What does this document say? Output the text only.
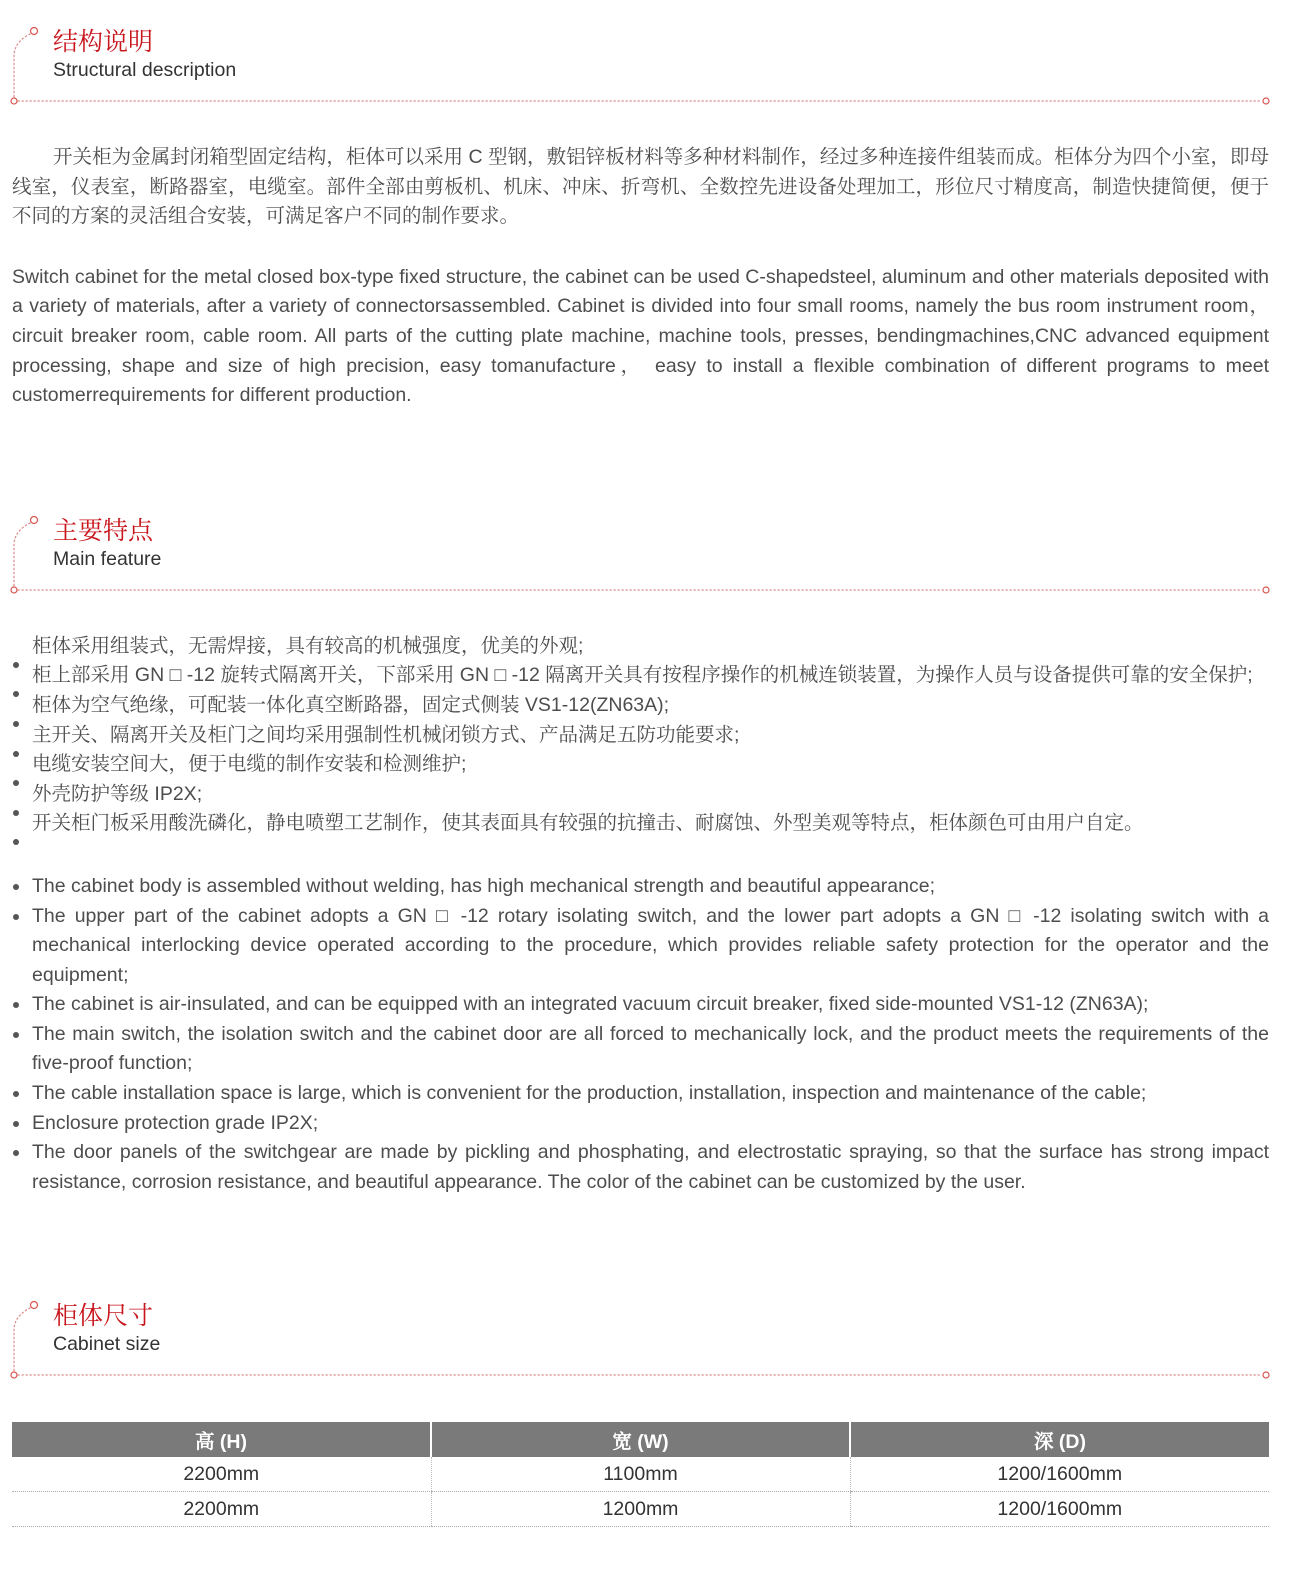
结构说明
Structural description

开关柜为金属封闭箱型固定结构，柜体可以采用 C 型钢，敷铝锌板材料等多种材料制作，经过多种连接件组装而成。柜体分为四个小室，即母线室，仪表室，断路器室，电缆室。部件全部由剪板机、机床、冲床、折弯机、全数控先进设备处理加工，形位尺寸精度高，制造快捷简便，便于不同的方案的灵活组合安装，可满足客户不同的制作要求。

Switch cabinet for the metal closed box-type fixed structure, the cabinet can be used C-shapedsteel, aluminum and other materials deposited with a variety of materials, after a variety of connectorsassembled. Cabinet is divided into four small rooms, namely the bus room instrument room，circuit breaker room, cable room. All parts of the cutting plate machine, machine tools, presses, bendingmachines,CNC advanced equipment processing, shape and size of high precision, easy tomanufacture， easy to install a flexible combination of different programs to meet customerrequirements for different production.

主要特点
Main feature
柜体采用组装式，无需焊接，具有较高的机械强度，优美的外观;
柜上部采用 GN □ -12 旋转式隔离开关，下部采用 GN □ -12 隔离开关具有按程序操作的机械连锁装置，为操作人员与设备提供可靠的安全保护;
柜体为空气绝缘，可配装一体化真空断路器，固定式侧装 VS1-12(ZN63A);
主开关、隔离开关及柜门之间均采用强制性机械闭锁方式、产品满足五防功能要求;
电缆安装空间大，便于电缆的制作安装和检测维护;
外壳防护等级 IP2X;
开关柜门板采用酸洗磷化，静电喷塑工艺制作，使其表面具有较强的抗撞击、耐腐蚀、外型美观等特点，柜体颜色可由用户自定。
The cabinet body is assembled without welding, has high mechanical strength and beautiful appearance;
The upper part of the cabinet adopts a GN □ -12 rotary isolating switch, and the lower part adopts a GN □ -12 isolating switch with a mechanical interlocking device operated according to the procedure, which provides reliable safety protection for the operator and the equipment;
The cabinet is air-insulated, and can be equipped with an integrated vacuum circuit breaker, fixed side-mounted VS1-12 (ZN63A);
The main switch, the isolation switch and the cabinet door are all forced to mechanically lock, and the product meets the requirements of the five-proof function;
The cable installation space is large, which is convenient for the production, installation, inspection and maintenance of the cable;
Enclosure protection grade IP2X;
The door panels of the switchgear are made by pickling and phosphating, and electrostatic spraying, so that the surface has strong impact resistance, corrosion resistance, and beautiful appearance. The color of the cabinet can be customized by the user.
柜体尺寸
Cabinet size
高 (H)	宽 (W)	深 (D)
2200mm	1100mm	1200/1600mm
2200mm	1200mm	1200/1600mm
